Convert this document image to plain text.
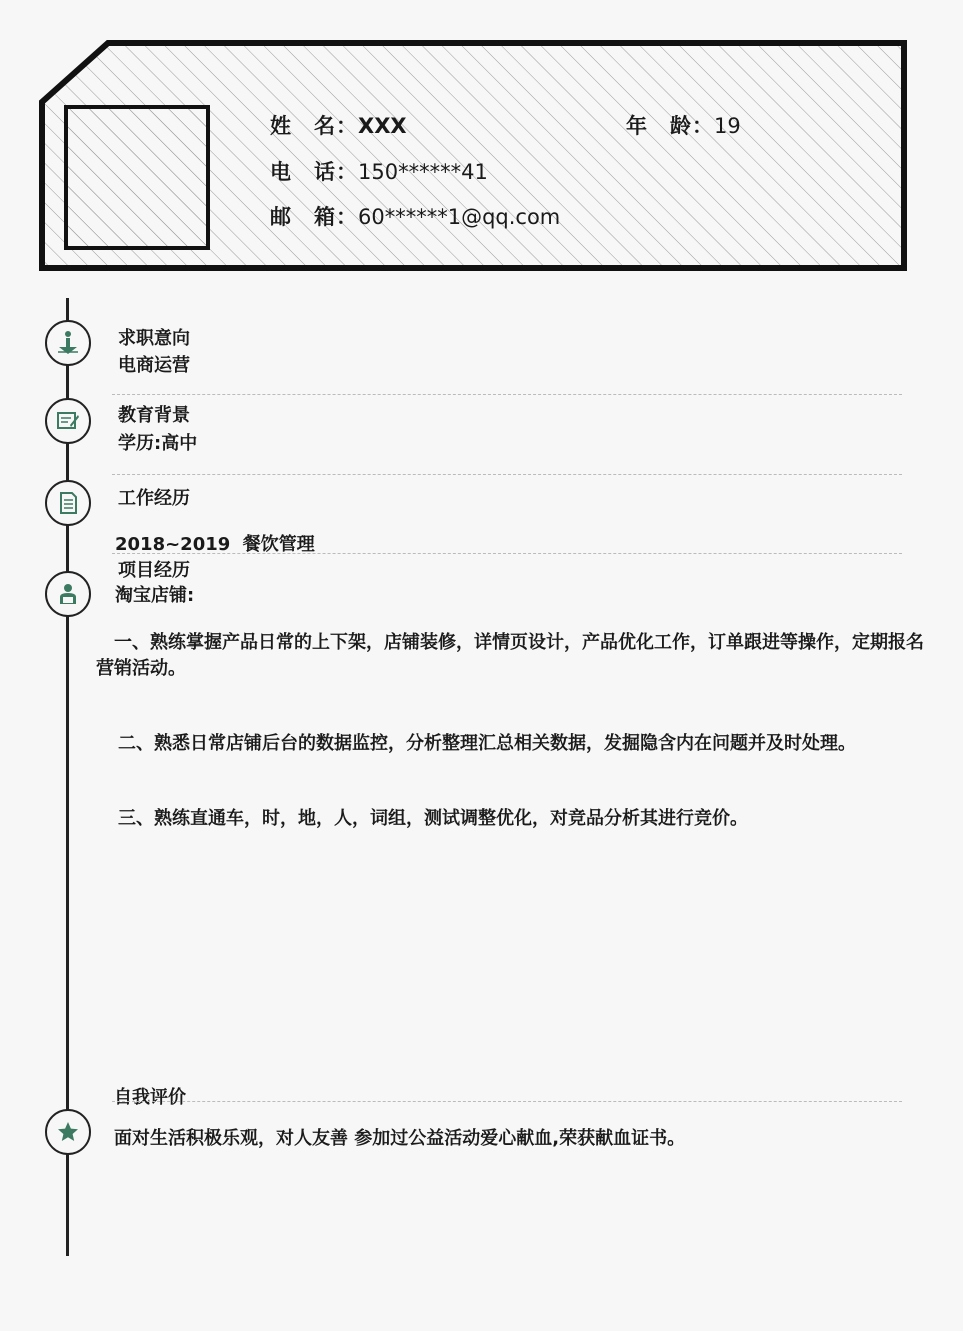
姓　名：XXX	年　龄：19
电　话：150******41
邮　箱：60******1@qq.com
求职意向
电商运营
教育背景
学历:高中
工作经历
2018~2019  餐饮管理
项目经历
淘宝店铺:
　一、熟练掌握产品日常的上下架，店铺装修，详情页设计，产品优化工作，订单跟进等操作，定期报名营销活动。
二、熟悉日常店铺后台的数据监控，分析整理汇总相关数据，发掘隐含内在问题并及时处理。
三、熟练直通车，时，地，人，词组，测试调整优化，对竞品分析其进行竞价。
自我评价
面对生活积极乐观，对人友善 参加过公益活动爱心献血,荣获献血证书。
